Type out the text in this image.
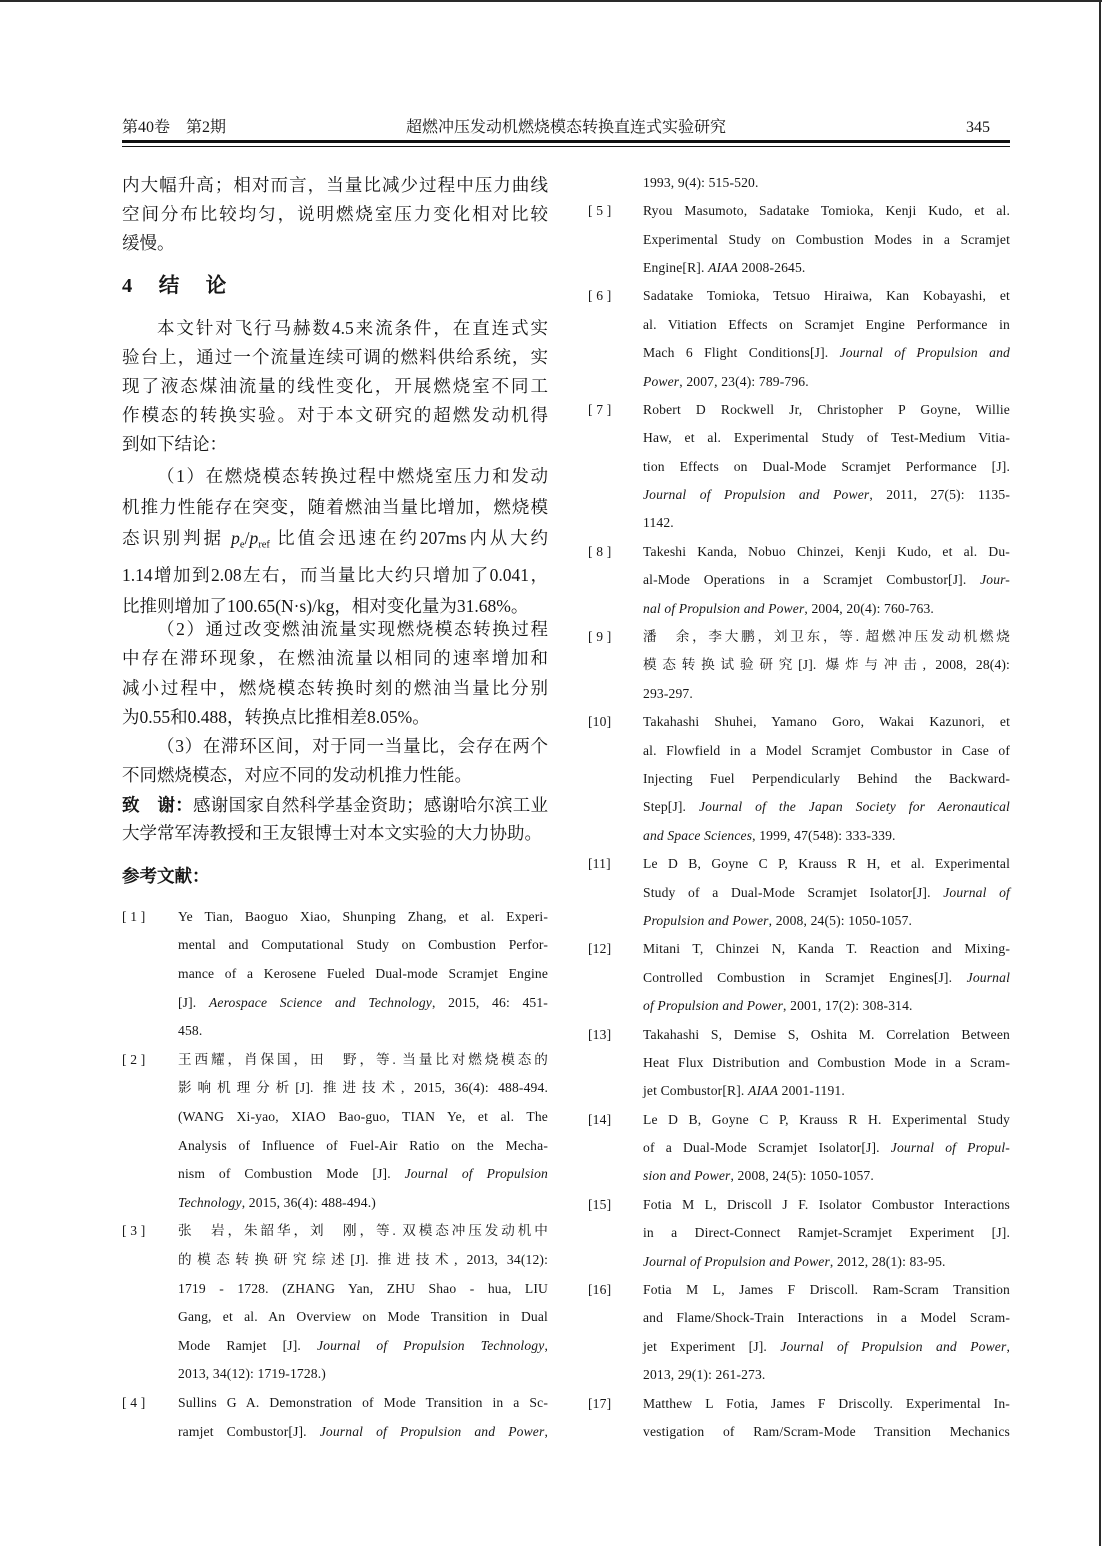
第40卷　第2期	超燃冲压发动机燃烧模态转换直连式实验研究	345
内大幅升高；相对而言，当量比减少过程中压力曲线
空间分布比较均匀，说明燃烧室压力变化相对比较
缓慢。
4　结　论
本文针对飞行马赫数4.5来流条件，在直连式实
验台上，通过一个流量连续可调的燃料供给系统，实
现了液态煤油流量的线性变化，开展燃烧室不同工
作模态的转换实验。对于本文研究的超燃发动机得
到如下结论：
（1）在燃烧模态转换过程中燃烧室压力和发动
机推力性能存在突变，随着燃油当量比增加，燃烧模
态识别判据 $p_e/p_{ref}$ 比值会迅速在约207ms内从大约
1.14增加到2.08左右，而当量比大约只增加了0.041，
比推则增加了100.65(N·s)/kg，相对变化量为31.68%。
（2）通过改变燃油流量实现燃烧模态转换过程
中存在滞环现象，在燃油流量以相同的速率增加和
减小过程中，燃烧模态转换时刻的燃油当量比分别
为0.55和0.488，转换点比推相差8.05%。
（3）在滞环区间，对于同一当量比，会存在两个
不同燃烧模态，对应不同的发动机推力性能。
致　谢：感谢国家自然科学基金资助；感谢哈尔滨工业
大学常军涛教授和王友银博士对本文实验的大力协助。
参考文献：
[ 1 ]	Ye Tian, Baoguo Xiao, Shunping Zhang, et al. Experi-
mental and Computational Study on Combustion Perfor-
mance of a Kerosene Fueled Dual-mode Scramjet Engine
[J]. Aerospace Science and Technology, 2015, 46: 451-
458.
[ 2 ]	王西耀，肖保国，田　野，等. 当量比对燃烧模态的
影响机理分析[J]. 推进技术, 2015, 36(4): 488-494.
(WANG Xi-yao, XIAO Bao-guo, TIAN Ye, et al. The
Analysis of Influence of Fuel-Air Ratio on the Mecha-
nism of Combustion Mode [J]. Journal of Propulsion
Technology, 2015, 36(4): 488-494.)
[ 3 ]	张　岩，朱韶华，刘　刚，等. 双模态冲压发动机中
的模态转换研究综述[J]. 推进技术, 2013, 34(12):
1719 - 1728. (ZHANG Yan, ZHU Shao - hua, LIU
Gang, et al. An Overview on Mode Transition in Dual
Mode Ramjet [J]. Journal of Propulsion Technology,
2013, 34(12): 1719-1728.)
[ 4 ]	Sullins G A. Demonstration of Mode Transition in a Sc-
ramjet Combustor[J]. Journal of Propulsion and Power,
1993, 9(4): 515-520.
[ 5 ]	Ryou Masumoto, Sadatake Tomioka, Kenji Kudo, et al.
Experimental Study on Combustion Modes in a Scramjet
Engine[R]. AIAA 2008-2645.
[ 6 ]	Sadatake Tomioka, Tetsuo Hiraiwa, Kan Kobayashi, et
al. Vitiation Effects on Scramjet Engine Performance in
Mach 6 Flight Conditions[J]. Journal of Propulsion and
Power, 2007, 23(4): 789-796.
[ 7 ]	Robert D Rockwell Jr, Christopher P Goyne, Willie
Haw, et al. Experimental Study of Test-Medium Vitia-
tion Effects on Dual-Mode Scramjet Performance [J].
Journal of Propulsion and Power, 2011, 27(5): 1135-
1142.
[ 8 ]	Takeshi Kanda, Nobuo Chinzei, Kenji Kudo, et al. Du-
al-Mode Operations in a Scramjet Combustor[J]. Jour-
nal of Propulsion and Power, 2004, 20(4): 760-763.
[ 9 ]	潘　余，李大鹏，刘卫东，等. 超燃冲压发动机燃烧
模态转换试验研究[J]. 爆炸与冲击, 2008, 28(4):
293-297.
[10]	Takahashi Shuhei, Yamano Goro, Wakai Kazunori, et
al. Flowfield in a Model Scramjet Combustor in Case of
Injecting Fuel Perpendicularly Behind the Backward-
Step[J]. Journal of the Japan Society for Aeronautical
and Space Sciences, 1999, 47(548): 333-339.
[11]	Le D B, Goyne C P, Krauss R H, et al. Experimental
Study of a Dual-Mode Scramjet Isolator[J]. Journal of
Propulsion and Power, 2008, 24(5): 1050-1057.
[12]	Mitani T, Chinzei N, Kanda T. Reaction and Mixing-
Controlled Combustion in Scramjet Engines[J]. Journal
of Propulsion and Power, 2001, 17(2): 308-314.
[13]	Takahashi S, Demise S, Oshita M. Correlation Between
Heat Flux Distribution and Combustion Mode in a Scram-
jet Combustor[R]. AIAA 2001-1191.
[14]	Le D B, Goyne C P, Krauss R H. Experimental Study
of a Dual-Mode Scramjet Isolator[J]. Journal of Propul-
sion and Power, 2008, 24(5): 1050-1057.
[15]	Fotia M L, Driscoll J F. Isolator Combustor Interactions
in a Direct-Connect Ramjet-Scramjet Experiment [J].
Journal of Propulsion and Power, 2012, 28(1): 83-95.
[16]	Fotia M L, James F Driscoll. Ram-Scram Transition
and Flame/Shock-Train Interactions in a Model Scram-
jet Experiment [J]. Journal of Propulsion and Power,
2013, 29(1): 261-273.
[17]	Matthew L Fotia, James F Driscolly. Experimental In-
vestigation of Ram/Scram-Mode Transition Mechanics
